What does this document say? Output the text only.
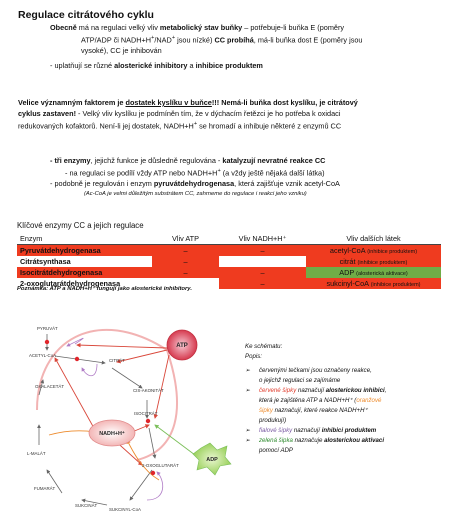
Regulace citrátového cyklu
Obecně má na regulaci velký vliv metabolický stav buňky – potřebuje-li buňka E (poměry
ATP/ADP či NADH+H+/NAD+ jsou nízké) CC probíhá, má-li buňka dost E (poměry jsou
vysoké), CC je inhibován
- uplatňují se různé alosterické inhibitory a inhibice produktem
Velice významným faktorem je dostatek kyslíku v buňce!!! Nemá-li buňka dost kyslíku, je citrátový
cyklus zastaven! - Velký vliv kyslíku je podmíněn tím, že v dýchacím řetězci je ho potřeba k oxidaci
redukovaných kofaktorů. Není-li jej dostatek, NADH+H+ se hromadí a inhibuje některé z enzymů CC
- tři enzymy, jejichž funkce je důsledně regulována - katalyzují nevratné reakce CC
- na regulaci se podílí vždy ATP nebo NADH+H+ (a vždy ještě nějaká další látka)
- podobně je regulován i enzym pyruvátdehydrogenasa, která zajišťuje vznik acetyl-CoA
(Ac-CoA je velmi důležitým substrátem CC, zahrneme do regulace i reakci jeho vzniku)
Klíčové enzymy CC a jejich regulace
Enzym	Vliv ATP	Vliv NADH+H⁺	Vliv dalších látek
Pyruvátdehydrogenasa	–	–	acetyl-CoA (inhibice produktem)
Citrátsynthasa	–		citrát (inhibice produktem)
Isocitrátdehydrogenasa	–	–	ADP (alosterická aktivace)
2-oxoglutarátdehydrogenasa		–	sukcinyl-CoA (inhibice produktem)
Poznámka: ATP a NADH+H⁺ fungují jako alosterické inhibitory.
PYRUVÁT
ACETYL-CoA
CITRÁT
OXALACETÁT
CIS-AKONITÁT
L-MALÁT
ISOCITRÁT
FUMARÁT
2-OXOGLUTARÁT
SUKCINÁT
SUKCINYL-CoA
ATP
NADH+H⁺
ADP
Ke schématu:
Popis:
➢ červenými tečkami jsou označeny reakce,
o jejichž regulaci se zajímáme
➢ červené šipky naznačují alosterickou inhibici,
která je zajištěna ATP a NADH+H⁺ (oranžové
šipky naznačují, které reakce NADH+H⁺
produkují)
➢ fialové šipky naznačují inhibici produktem
➢ zelená šipka naznačuje alosterickou aktivaci
pomocí ADP
